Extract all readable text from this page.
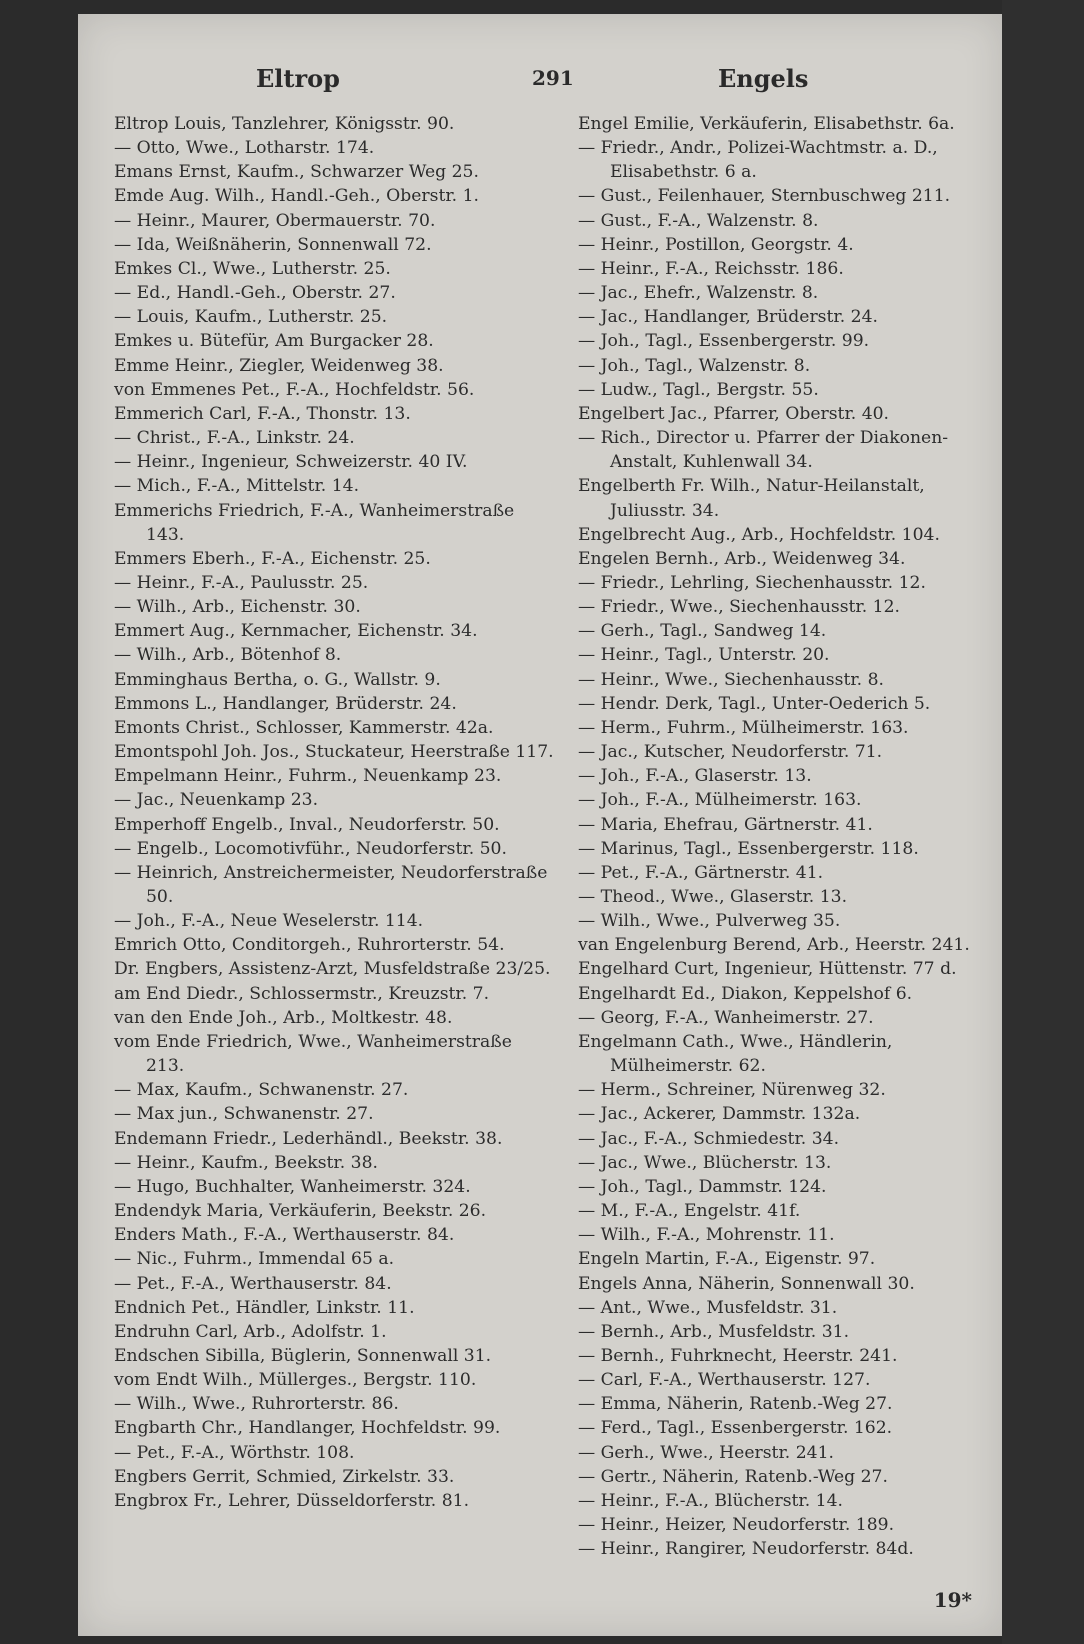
Eltrop	291	Engels

Eltrop Louis, Tanzlehrer, Königsstr. 90.

— Otto, Wwe., Lotharstr. 174.

Emans Ernst, Kaufm., Schwarzer Weg 25.

Emde Aug. Wilh., Handl.-Geh., Oberstr. 1.

— Heinr., Maurer, Obermauerstr. 70.

— Ida, Weißnäherin, Sonnenwall 72.

Emkes Cl., Wwe., Lutherstr. 25.

— Ed., Handl.-Geh., Oberstr. 27.

— Louis, Kaufm., Lutherstr. 25.

Emkes u. Bütefür, Am Burgacker 28.

Emme Heinr., Ziegler, Weidenweg 38.

von Emmenes Pet., F.-A., Hochfeldstr. 56.

Emmerich Carl, F.-A., Thonstr. 13.

— Christ., F.-A., Linkstr. 24.

— Heinr., Ingenieur, Schweizerstr. 40 IV.

— Mich., F.-A., Mittelstr. 14.

Emmerichs Friedrich, F.-A., Wanheimerstraße 143.

Emmers Eberh., F.-A., Eichenstr. 25.

— Heinr., F.-A., Paulusstr. 25.

— Wilh., Arb., Eichenstr. 30.

Emmert Aug., Kernmacher, Eichenstr. 34.

— Wilh., Arb., Bötenhof 8.

Emminghaus Bertha, o. G., Wallstr. 9.

Emmons L., Handlanger, Brüderstr. 24.

Emonts Christ., Schlosser, Kammerstr. 42a.

Emontspohl Joh. Jos., Stuckateur, Heerstraße 117.

Empelmann Heinr., Fuhrm., Neuenkamp 23.

— Jac., Neuenkamp 23.

Emperhoff Engelb., Inval., Neudorferstr. 50.

— Engelb., Locomotivführ., Neudorferstr. 50.

— Heinrich, Anstreichermeister, Neudorferstraße 50.

— Joh., F.-A., Neue Weselerstr. 114.

Emrich Otto, Conditorgeh., Ruhrorterstr. 54.

Dr. Engbers, Assistenz-Arzt, Musfeldstraße 23/25.

am End Diedr., Schlossermstr., Kreuzstr. 7.

van den Ende Joh., Arb., Moltkestr. 48.

vom Ende Friedrich, Wwe., Wanheimerstraße 213.

— Max, Kaufm., Schwanenstr. 27.

— Max jun., Schwanenstr. 27.

Endemann Friedr., Lederhändl., Beekstr. 38.

— Heinr., Kaufm., Beekstr. 38.

— Hugo, Buchhalter, Wanheimerstr. 324.

Endendyk Maria, Verkäuferin, Beekstr. 26.

Enders Math., F.-A., Werthauserstr. 84.

— Nic., Fuhrm., Immendal 65 a.

— Pet., F.-A., Werthauserstr. 84.

Endnich Pet., Händler, Linkstr. 11.

Endruhn Carl, Arb., Adolfstr. 1.

Endschen Sibilla, Büglerin, Sonnenwall 31.

vom Endt Wilh., Müllerges., Bergstr. 110.

— Wilh., Wwe., Ruhrorterstr. 86.

Engbarth Chr., Handlanger, Hochfeldstr. 99.

— Pet., F.-A., Wörthstr. 108.

Engbers Gerrit, Schmied, Zirkelstr. 33.

Engbrox Fr., Lehrer, Düsseldorferstr. 81.

Engel Emilie, Verkäuferin, Elisabethstr. 6a.

— Friedr., Andr., Polizei-Wachtmstr. a. D., Elisabethstr. 6 a.

— Gust., Feilenhauer, Sternbuschweg 211.

— Gust., F.-A., Walzenstr. 8.

— Heinr., Postillon, Georgstr. 4.

— Heinr., F.-A., Reichsstr. 186.

— Jac., Ehefr., Walzenstr. 8.

— Jac., Handlanger, Brüderstr. 24.

— Joh., Tagl., Essenbergerstr. 99.

— Joh., Tagl., Walzenstr. 8.

— Ludw., Tagl., Bergstr. 55.

Engelbert Jac., Pfarrer, Oberstr. 40.

— Rich., Director u. Pfarrer der Diakonen-Anstalt, Kuhlenwall 34.

Engelberth Fr. Wilh., Natur-Heilanstalt, Juliusstr. 34.

Engelbrecht Aug., Arb., Hochfeldstr. 104.

Engelen Bernh., Arb., Weidenweg 34.

— Friedr., Lehrling, Siechenhausstr. 12.

— Friedr., Wwe., Siechenhausstr. 12.

— Gerh., Tagl., Sandweg 14.

— Heinr., Tagl., Unterstr. 20.

— Heinr., Wwe., Siechenhausstr. 8.

— Hendr. Derk, Tagl., Unter-Oederich 5.

— Herm., Fuhrm., Mülheimerstr. 163.

— Jac., Kutscher, Neudorferstr. 71.

— Joh., F.-A., Glaserstr. 13.

— Joh., F.-A., Mülheimerstr. 163.

— Maria, Ehefrau, Gärtnerstr. 41.

— Marinus, Tagl., Essenbergerstr. 118.

— Pet., F.-A., Gärtnerstr. 41.

— Theod., Wwe., Glaserstr. 13.

— Wilh., Wwe., Pulverweg 35.

van Engelenburg Berend, Arb., Heerstr. 241.

Engelhard Curt, Ingenieur, Hüttenstr. 77 d.

Engelhardt Ed., Diakon, Keppelshof 6.

— Georg, F.-A., Wanheimerstr. 27.

Engelmann Cath., Wwe., Händlerin, Mülheimerstr. 62.

— Herm., Schreiner, Nürenweg 32.

— Jac., Ackerer, Dammstr. 132a.

— Jac., F.-A., Schmiedestr. 34.

— Jac., Wwe., Blücherstr. 13.

— Joh., Tagl., Dammstr. 124.

— M., F.-A., Engelstr. 41f.

— Wilh., F.-A., Mohrenstr. 11.

Engeln Martin, F.-A., Eigenstr. 97.

Engels Anna, Näherin, Sonnenwall 30.

— Ant., Wwe., Musfeldstr. 31.

— Bernh., Arb., Musfeldstr. 31.

— Bernh., Fuhrknecht, Heerstr. 241.

— Carl, F.-A., Werthauserstr. 127.

— Emma, Näherin, Ratenb.-Weg 27.

— Ferd., Tagl., Essenbergerstr. 162.

— Gerh., Wwe., Heerstr. 241.

— Gertr., Näherin, Ratenb.-Weg 27.

— Heinr., F.-A., Blücherstr. 14.

— Heinr., Heizer, Neudorferstr. 189.

— Heinr., Rangirer, Neudorferstr. 84d.

19*
